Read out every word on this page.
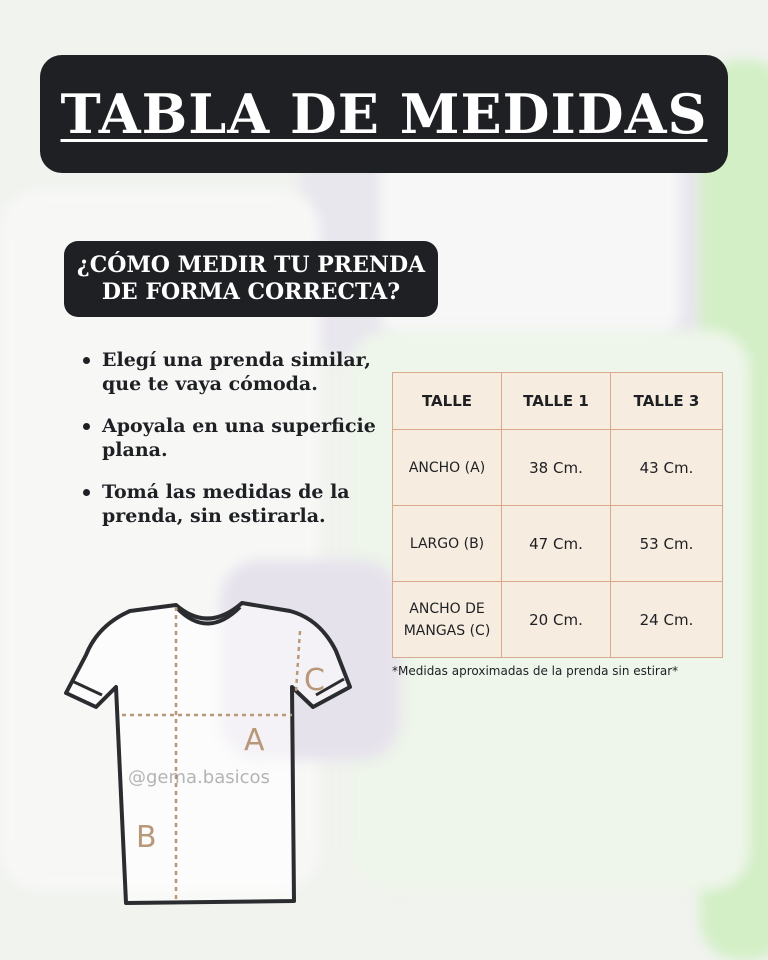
TABLA DE MEDIDAS
¿CÓMO MEDIR TU PRENDA
DE FORMA CORRECTA?
Elegí una prenda similar, que te vaya cómoda.
Apoyala en una superficie plana.
Tomá las medidas de la prenda, sin estirarla.
TALLE	TALLE 1	TALLE 3
ANCHO (A)	38 Cm.	43 Cm.
LARGO (B)	47 Cm.	53 Cm.
ANCHO DE
MANGAS (C)	20 Cm.	24 Cm.
*Medidas aproximadas de la prenda sin estirar*
A
B
C
@gema.basicos
